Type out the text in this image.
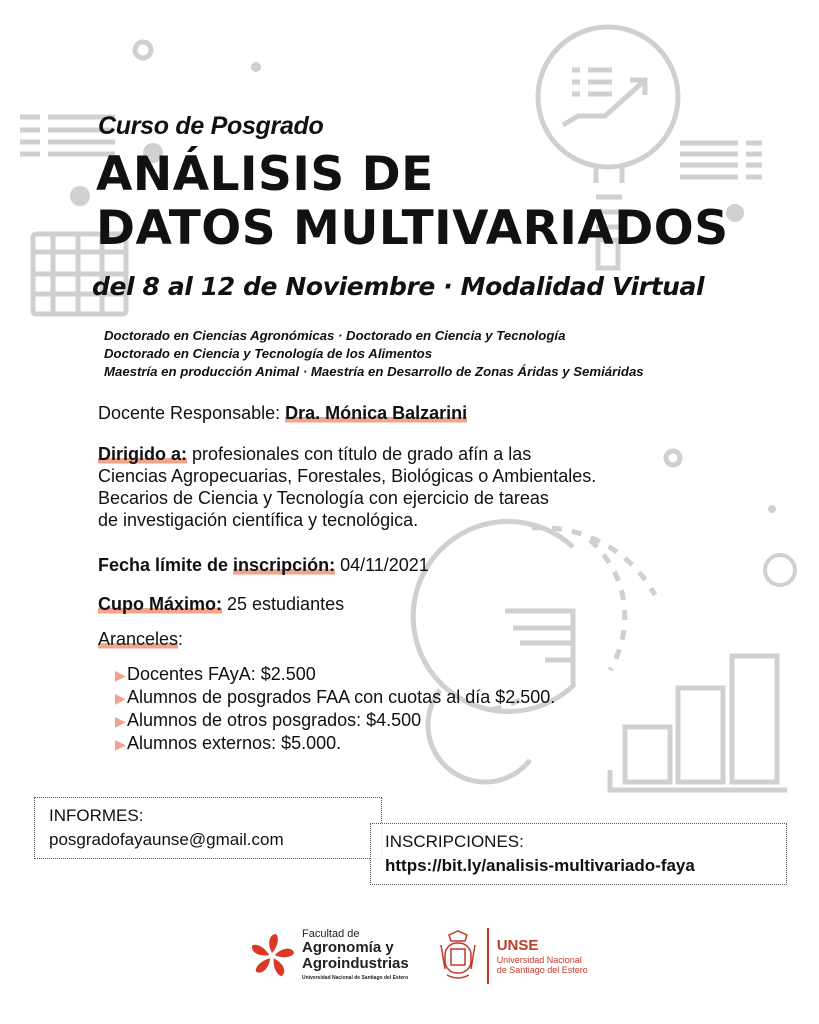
Curso de Posgrado
ANÁLISIS DE
DATOS MULTIVARIADOS
del 8 al 12 de Noviembre · Modalidad Virtual
Doctorado en Ciencias Agronómicas · Doctorado en Ciencia y Tecnología
Doctorado en Ciencia y Tecnología de los Alimentos
Maestría en producción Animal · Maestría en Desarrollo de Zonas Áridas y Semiáridas
Docente Responsable: Dra. Mónica Balzarini
Dirigido a: profesionales con título de grado afín a las
Ciencias Agropecuarias, Forestales, Biológicas o Ambientales.
Becarios de Ciencia y Tecnología con ejercicio de tareas
de investigación científica y tecnológica.
Fecha límite de inscripción: 04/11/2021
Cupo Máximo: 25 estudiantes
Aranceles:
▶Docentes FAyA: $2.500
▶Alumnos de posgrados FAA con cuotas al día $2.500.
▶Alumnos de otros posgrados: $4.500
▶Alumnos externos: $5.000.
INFORMES:
posgradofayaunse@gmail.com	INSCRIPCIONES:
https://bit.ly/analisis-multivariado-faya
Facultad de
Agronomía y
Agroindustrias
Universidad Nacional de Santiago del Estero
UNSE
Universidad Nacional
de Santiago del Estero
